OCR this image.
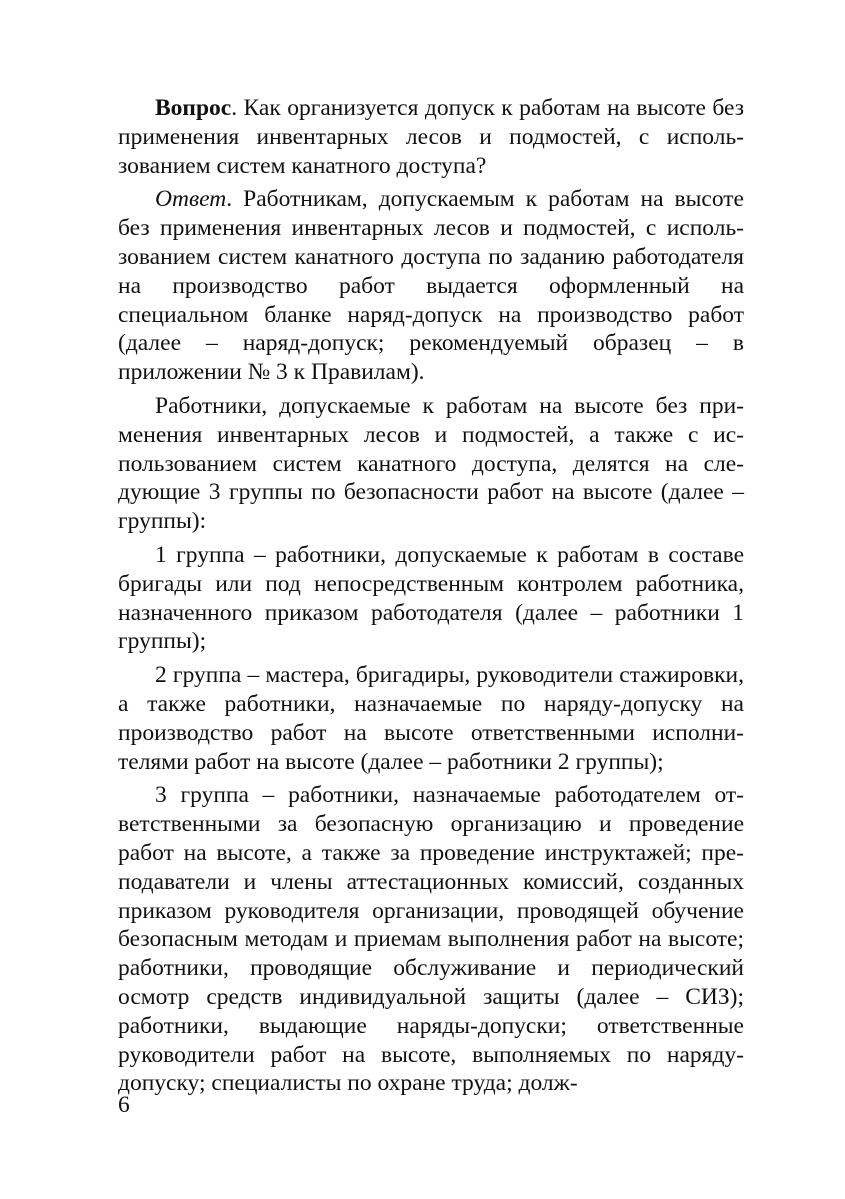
Вопрос. Как организуется допуск к работам на высоте без применения инвентарных лесов и подмостей, с использованием систем канатного доступа?

Ответ. Работникам, допускаемым к работам на высоте без применения инвентарных лесов и подмостей, с использованием систем канатного доступа по заданию работодателя на производство работ выдается оформленный на специальном бланке наряд-допуск на производство работ (далее – наряд-допуск; рекомендуемый образец – в приложении № 3 к Правилам).

Работники, допускаемые к работам на высоте без применения инвентарных лесов и подмостей, а также с использованием систем канатного доступа, делятся на следующие 3 группы по безопасности работ на высоте (далее – группы):

1 группа – работники, допускаемые к работам в составе бригады или под непосредственным контролем работника, назначенного приказом работодателя (далее – работники 1 группы);

2 группа – мастера, бригадиры, руководители стажировки, а также работники, назначаемые по наряду-допуску на производство работ на высоте ответственными исполнителями работ на высоте (далее – работники 2 группы);

3 группа – работники, назначаемые работодателем ответственными за безопасную организацию и проведение работ на высоте, а также за проведение инструктажей; преподаватели и члены аттестационных комиссий, созданных приказом руководителя организации, проводящей обучение безопасным методам и приемам выполнения работ на высоте; работники, проводящие обслуживание и периодический осмотр средств индивидуальной защиты (далее – СИЗ); работники, выдающие наряды-допуски; ответственные руководители работ на высоте, выполняемых по наряду-допуску; специалисты по охране труда; долж-

6
